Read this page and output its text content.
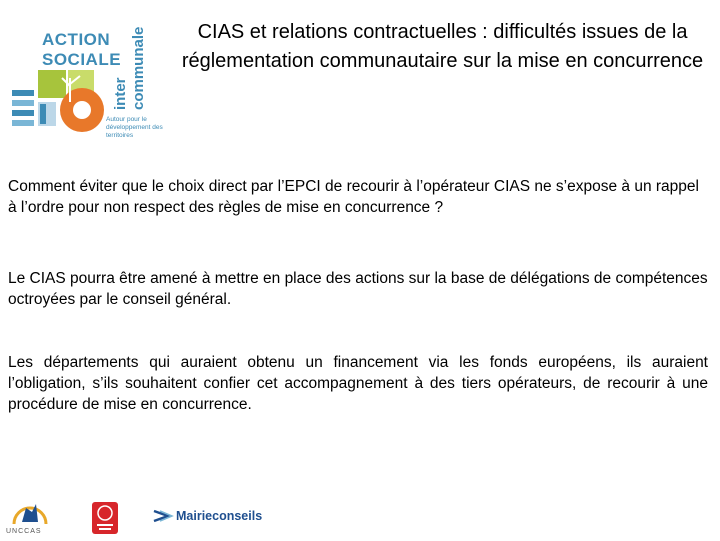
ACTION
SOCIALE
inter communale
Autour pour le développement des territoires
CIAS et relations contractuelles : difficultés issues de la réglementation communautaire sur la mise en concurrence
Comment éviter que le choix direct par l’EPCI de recourir à l’opérateur CIAS ne s’expose à un rappel à l’ordre pour non respect des règles de mise en concurrence ?
Le CIAS pourra être amené à mettre en place des actions sur la base de délégations de compétences octroyées par le conseil général.
Les départements qui auraient obtenu un financement via les fonds européens, ils auraient l’obligation, s’ils souhaitent confier cet accompagnement à des tiers opérateurs, de recourir à une procédure de mise en concurrence.
UNCCAS
Mairieconseils
